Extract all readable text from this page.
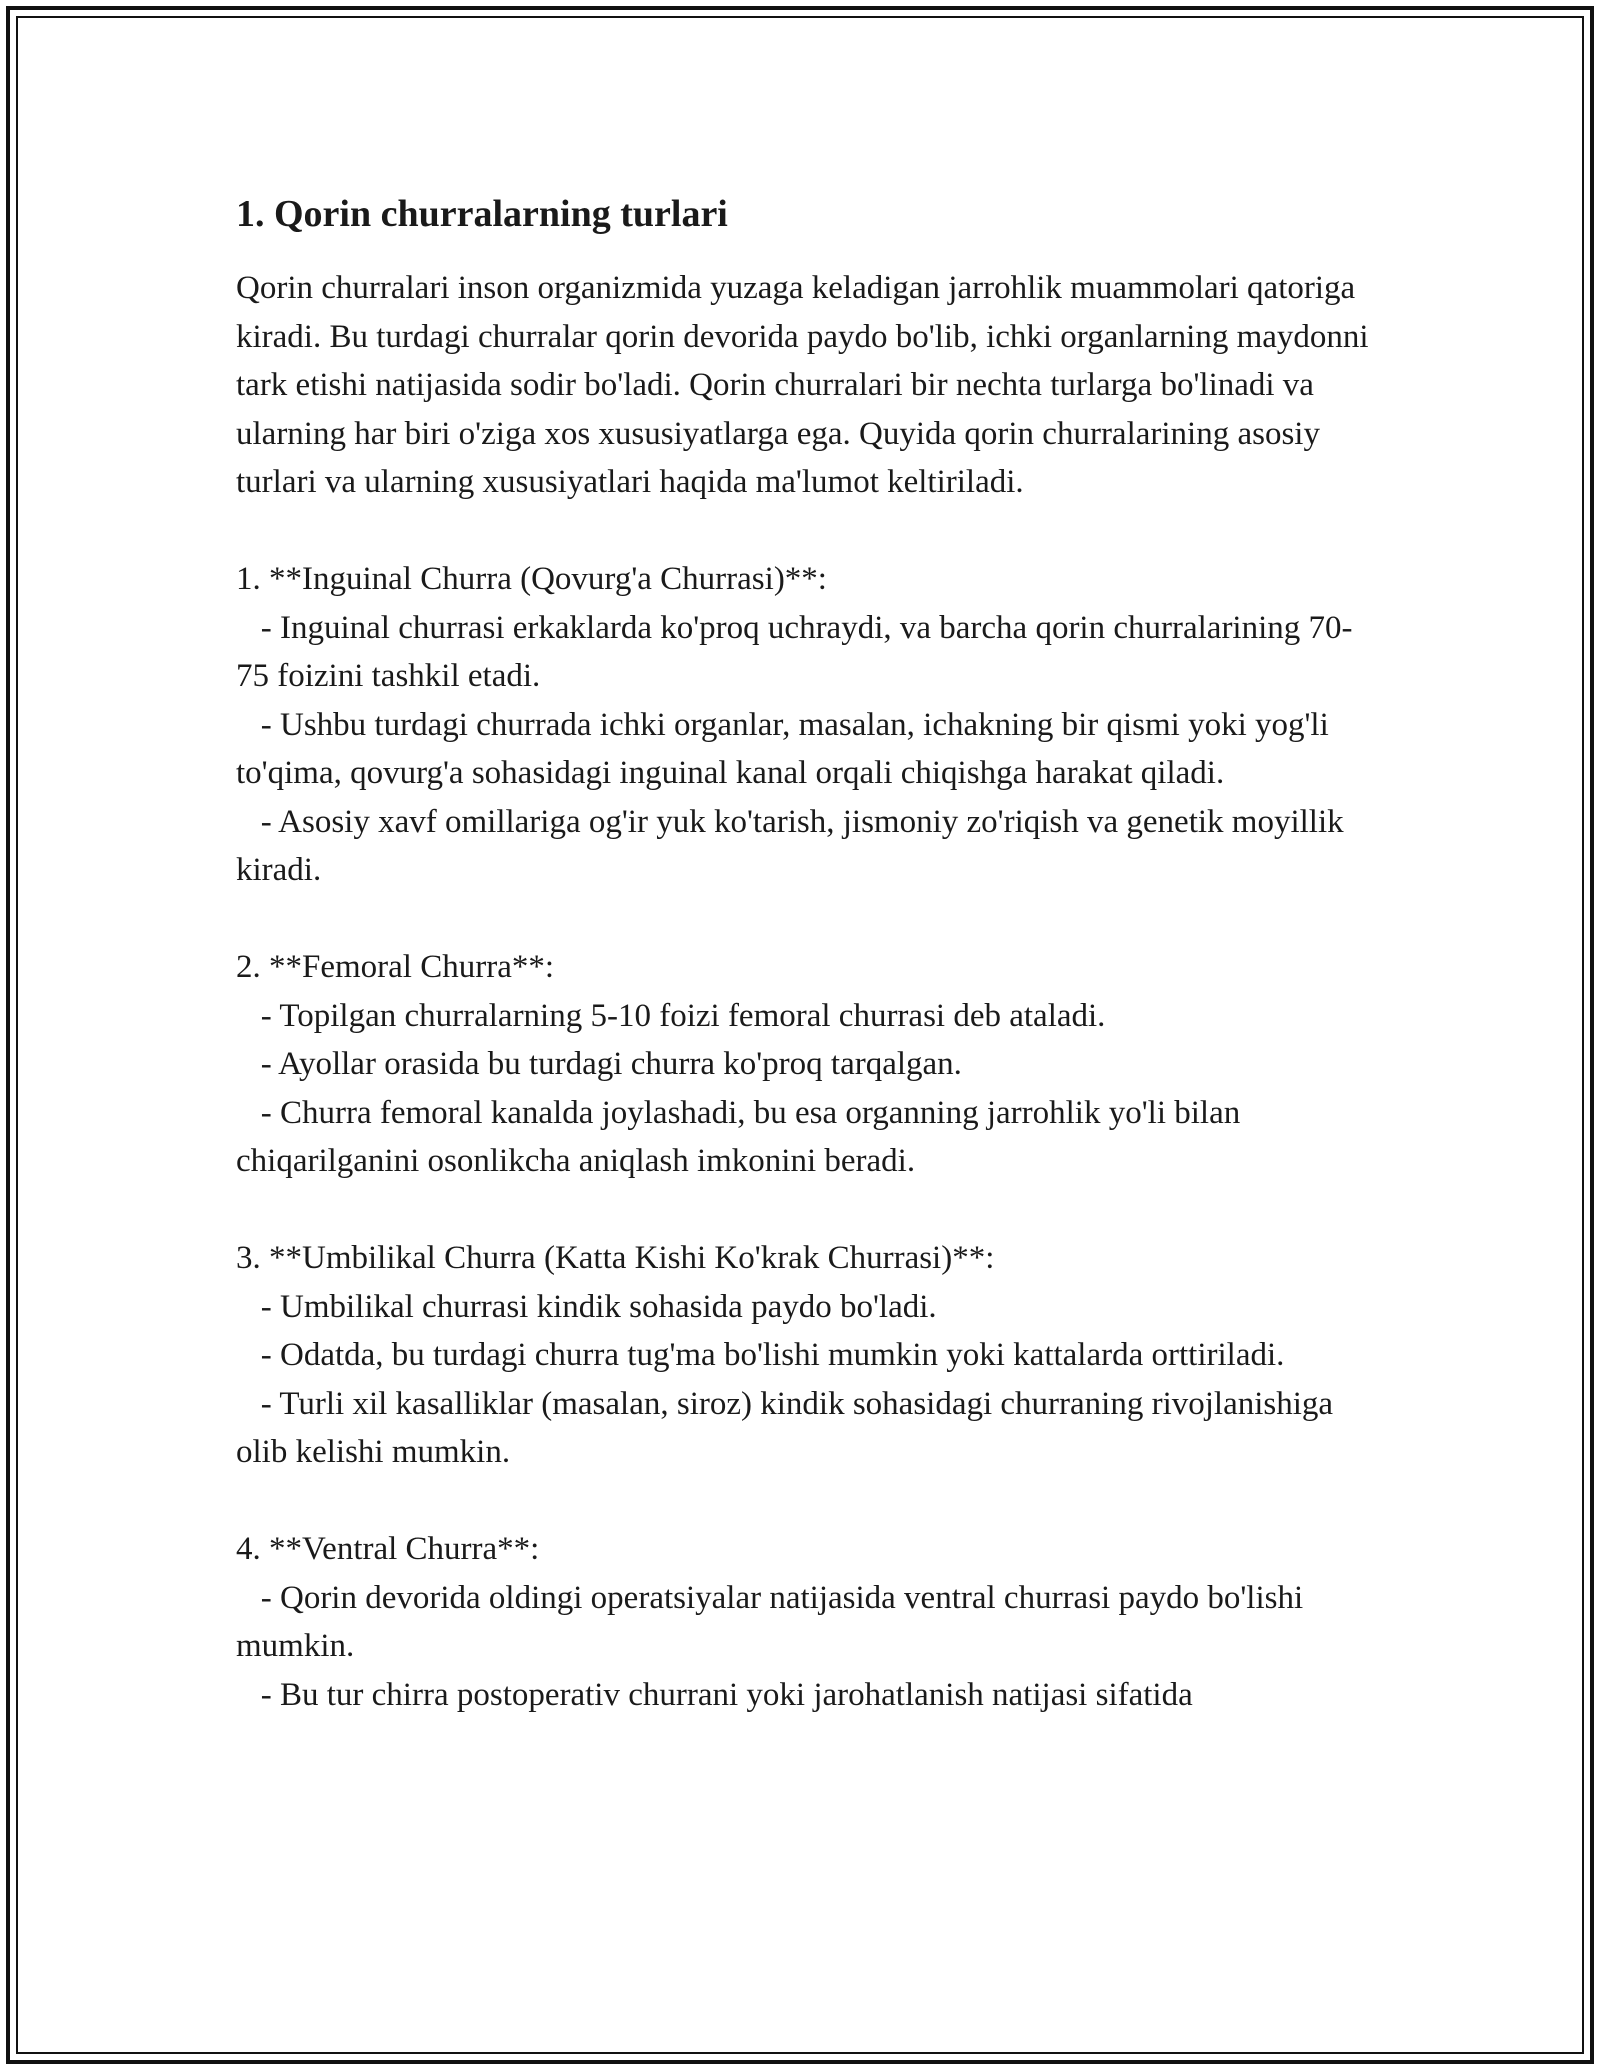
1. Qorin churralarning turlari

Qorin churralari inson organizmida yuzaga keladigan jarrohlik muammolari qatoriga kiradi. Bu turdagi churralar qorin devorida paydo bo'lib, ichki organlarning maydonni tark etishi natijasida sodir bo'ladi. Qorin churralari bir nechta turlarga bo'linadi va ularning har biri o'ziga xos xususiyatlarga ega. Quyida qorin churralarining asosiy turlari va ularning xususiyatlari haqida ma'lumot keltiriladi.

1. **Inguinal Churra (Qovurg'a Churrasi)**:

- Inguinal churrasi erkaklarda ko'proq uchraydi, va barcha qorin churralarining 70-75 foizini tashkil etadi.

- Ushbu turdagi churrada ichki organlar, masalan, ichakning bir qismi yoki yog'li to'qima, qovurg'a sohasidagi inguinal kanal orqali chiqishga harakat qiladi.

- Asosiy xavf omillariga og'ir yuk ko'tarish, jismoniy zo'riqish va genetik moyillik kiradi.

2. **Femoral Churra**:

- Topilgan churralarning 5-10 foizi femoral churrasi deb ataladi.

- Ayollar orasida bu turdagi churra ko'proq tarqalgan.

- Churra femoral kanalda joylashadi, bu esa organning jarrohlik yo'li bilan chiqarilganini osonlikcha aniqlash imkonini beradi.

3. **Umbilikal Churra (Katta Kishi Ko'krak Churrasi)**:

- Umbilikal churrasi kindik sohasida paydo bo'ladi.

- Odatda, bu turdagi churra tug'ma bo'lishi mumkin yoki kattalarda orttiriladi.

- Turli xil kasalliklar (masalan, siroz) kindik sohasidagi churraning rivojlanishiga olib kelishi mumkin.

4. **Ventral Churra**:

- Qorin devorida oldingi operatsiyalar natijasida ventral churrasi paydo bo'lishi mumkin.

- Bu tur chirra postoperativ churrani yoki jarohatlanish natijasi sifatida
